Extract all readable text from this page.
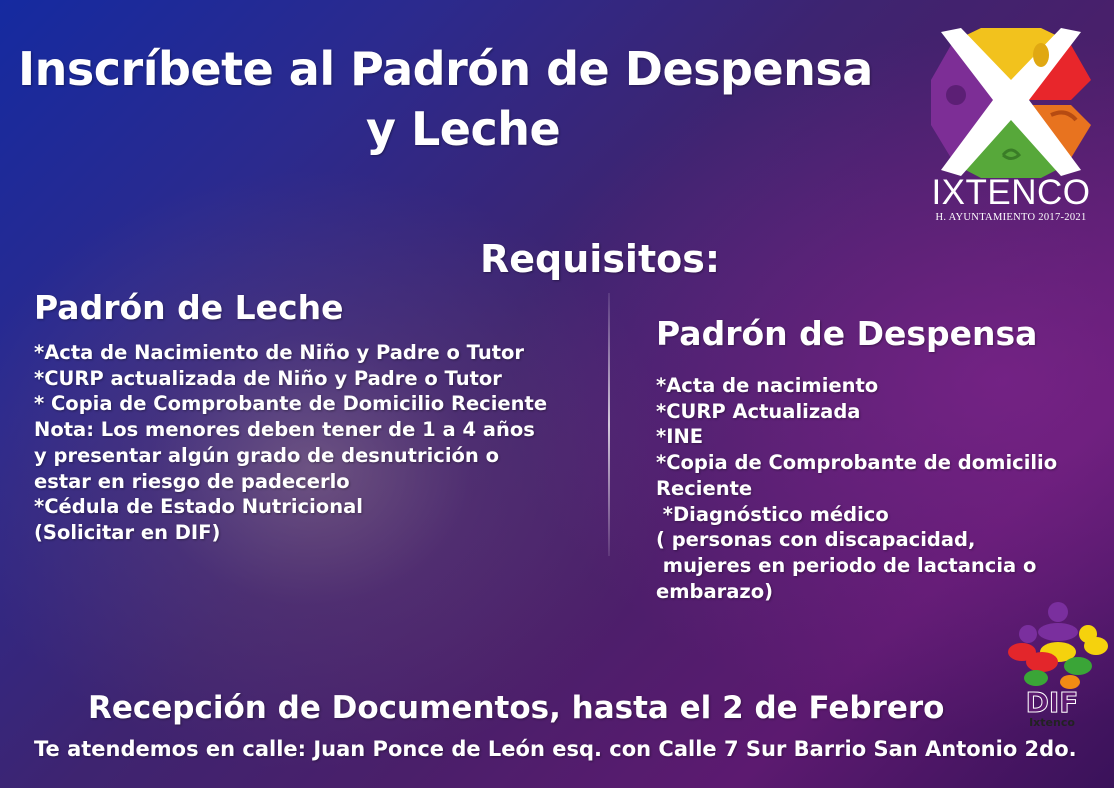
Inscríbete al Padrón de Despensa
y Leche
Requisitos:
Padrón de Leche
*Acta de Nacimiento de Niño y Padre o Tutor
*CURP actualizada de Niño y Padre o Tutor
* Copia de Comprobante de Domicilio Reciente
Nota: Los menores deben tener de 1 a 4 años
y presentar algún grado de desnutrición o
estar en riesgo de padecerlo
*Cédula de Estado Nutricional
(Solicitar en DIF)
Padrón de Despensa
*Acta de nacimiento
*CURP Actualizada
*INE
*Copia de Comprobante de domicilio
Reciente
*Diagnóstico médico
( personas con discapacidad,
mujeres en periodo de lactancia o
embarazo)
Recepción de Documentos, hasta el 2 de Febrero
Te atendemos en calle: Juan Ponce de León esq. con Calle 7 Sur Barrio San Antonio 2do.
IXTENCO
H. AYUNTAMIENTO 2017-2021
DIF
Ixtenco
